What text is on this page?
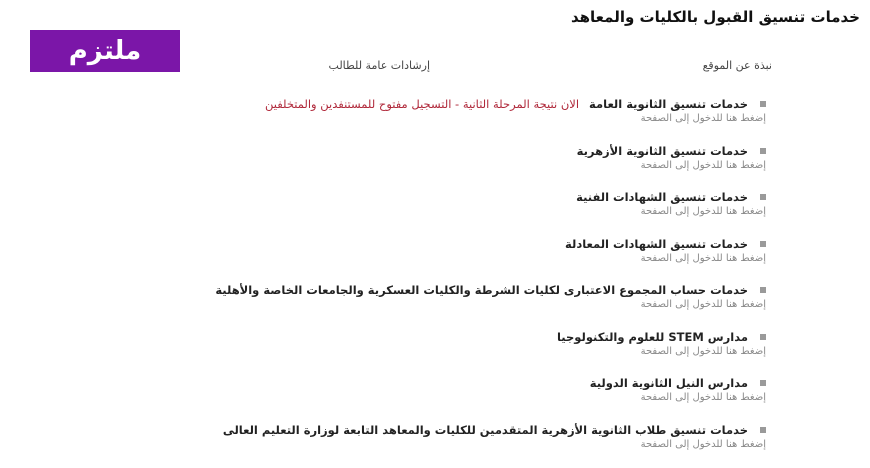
خدمات تنسيق القبول بالكليات والمعاهد
ملتزم	نبذة عن الموقع
إرشادات عامة للطالب
خدمات تنسيق الثانوية العامة
الان نتيجة المرحلة الثانية - التسجيل مفتوح للمستنفدين والمتخلفين
إضغط هنا للدخول إلى الصفحة
خدمات تنسيق الثانوية الأزهرية
إضغط هنا للدخول إلى الصفحة
خدمات تنسيق الشهادات الفنية
إضغط هنا للدخول إلى الصفحة
خدمات تنسيق الشهادات المعادلة
إضغط هنا للدخول إلى الصفحة
خدمات حساب المجموع الاعتبارى لكليات الشرطة والكليات العسكرية والجامعات الخاصة والأهلية
إضغط هنا للدخول إلى الصفحة
مدارس STEM للعلوم والتكنولوجيا
إضغط هنا للدخول إلى الصفحة
مدارس النيل الثانوية الدولية
إضغط هنا للدخول إلى الصفحة
خدمات تنسيق طلاب الثانوية الأزهرية المتقدمين للكليات والمعاهد التابعة لوزارة التعليم العالى
إضغط هنا للدخول إلى الصفحة
